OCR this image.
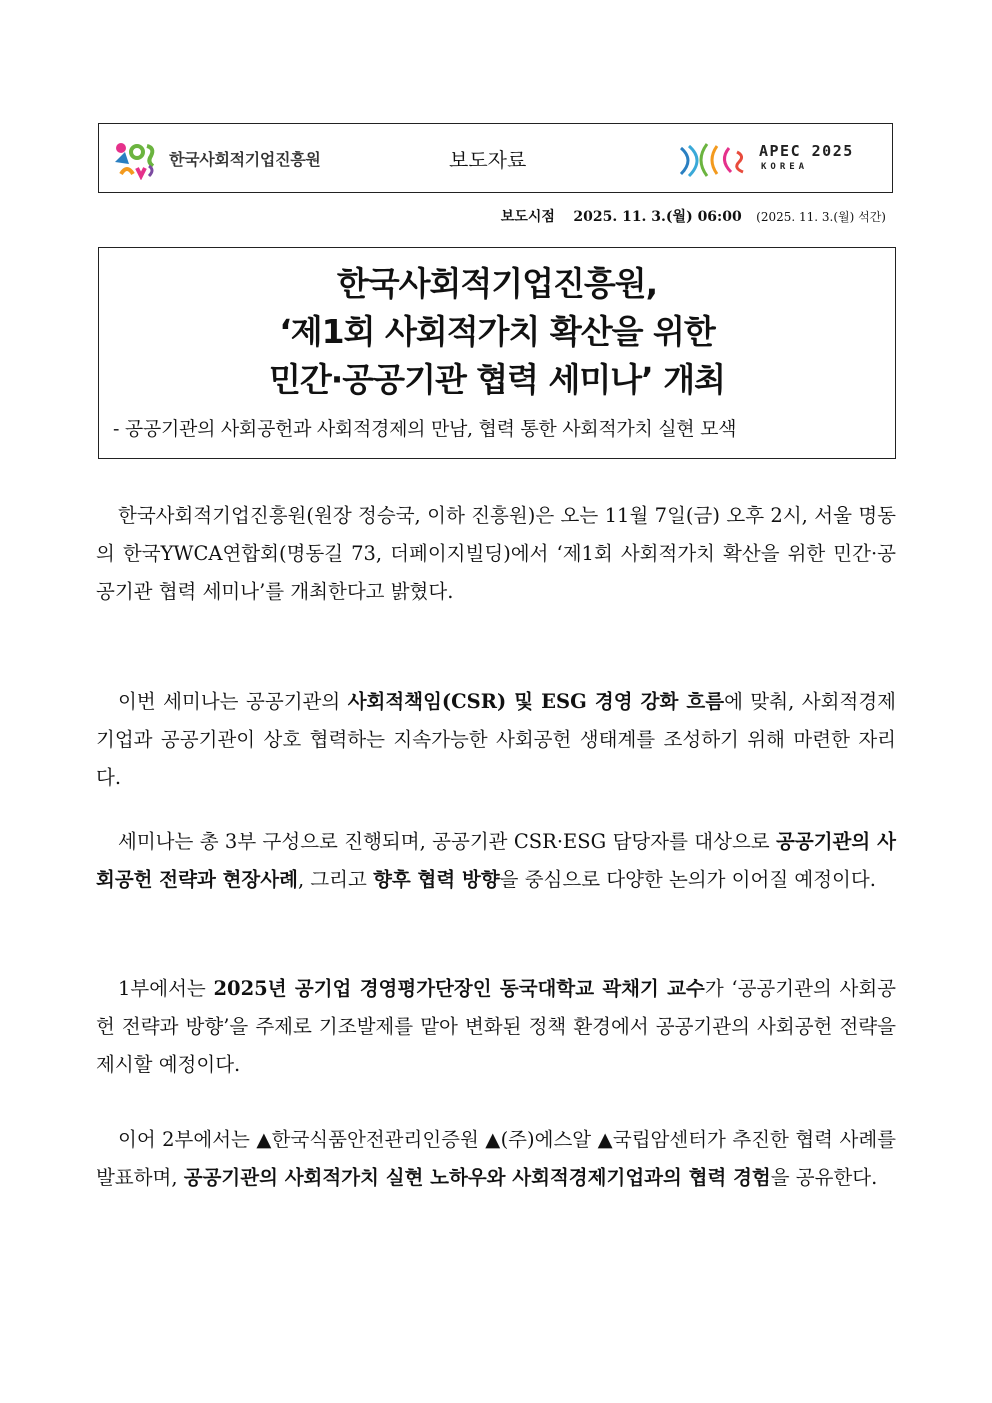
한국사회적기업진흥원	보도자료	APEC 2025
KOREA
보도시점 2025. 11. 3.(월) 06:00 (2025. 11. 3.(월) 석간)
한국사회적기업진흥원,
‘제1회 사회적가치 확산을 위한
민간·공공기관 협력 세미나’ 개최
- 공공기관의 사회공헌과 사회적경제의 만남, 협력 통한 사회적가치 실현 모색

한국사회적기업진흥원(원장 정승국, 이하 진흥원)은 오는 11월 7일(금) 오후 2시, 서울 명동의 한국YWCA연합회(명동길 73, 더페이지빌딩)에서 ‘제1회 사회적가치 확산을 위한 민간·공공기관 협력 세미나’를 개최한다고 밝혔다.

이번 세미나는 공공기관의 사회적책임(CSR) 및 ESG 경영 강화 흐름에 맞춰, 사회적경제기업과 공공기관이 상호 협력하는 지속가능한 사회공헌 생태계를 조성하기 위해 마련한 자리다.

세미나는 총 3부 구성으로 진행되며, 공공기관 CSR·ESG 담당자를 대상으로 공공기관의 사회공헌 전략과 현장사례, 그리고 향후 협력 방향을 중심으로 다양한 논의가 이어질 예정이다.

1부에서는 2025년 공기업 경영평가단장인 동국대학교 곽채기 교수가 ‘공공기관의 사회공헌 전략과 방향’을 주제로 기조발제를 맡아 변화된 정책 환경에서 공공기관의 사회공헌 전략을 제시할 예정이다.

이어 2부에서는 ▲한국식품안전관리인증원 ▲(주)에스알 ▲국립암센터가 추진한 협력 사례를 발표하며, 공공기관의 사회적가치 실현 노하우와 사회적경제기업과의 협력 경험을 공유한다.
